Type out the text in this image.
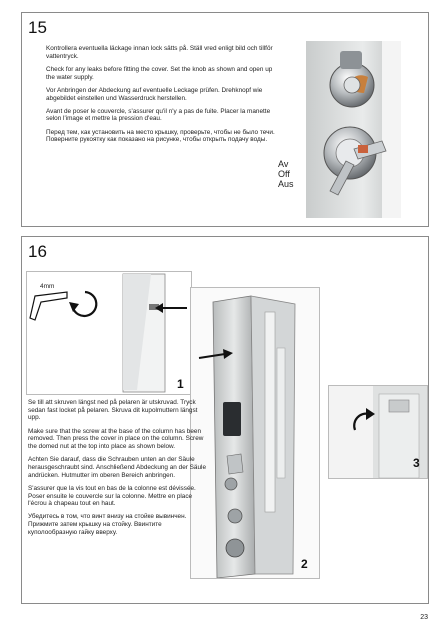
15

Kontrollera eventuella läckage innan lock sätts på. Ställ vred enligt bild och tillför vattentryck.

Check for any leaks before fitting the cover. Set the knob as shown and open up the water supply.

Vor Anbringen der Abdeckung auf eventuelle Leckage prüfen. Drehknopf wie abgebildet einstellen und Wasserdruck herstellen.

Avant de poser le couvercle, s'assurer qu'il n'y a pas de fuite. Placer la manette selon l'image et mettre la pression d'eau.

Перед тем, как установить на место крышку, проверьте, чтобы не было течи. Поверните рукоятку как показано на рисунке, чтобы открыть подачу воды.

Av
Off
Aus
16
1
4mm
2
3

Se till att skruven längst ned på pelaren är utskruvad. Tryck sedan fast locket på pelaren. Skruva dit kupolmuttern längst upp.

Make sure that the screw at the base of the column has been removed. Then press the cover in place on the column. Screw the domed nut at the top into place as shown below.

Achten Sie darauf, dass die Schrauben unten an der Säule herausgeschraubt sind. Anschließend Abdeckung an der Säule andrücken. Hutmutter im oberen Bereich anbringen.

S'assurer que la vis tout en bas de la colonne est dévissée. Poser ensuite le couvercle sur la colonne. Mettre en place l'écrou à chapeau tout en haut.

Убедитесь в том, что винт внизу на стойке вывинчен. Прижмите затем крышку на стойку. Ввинтите куполообразную гайку вверху.

23
